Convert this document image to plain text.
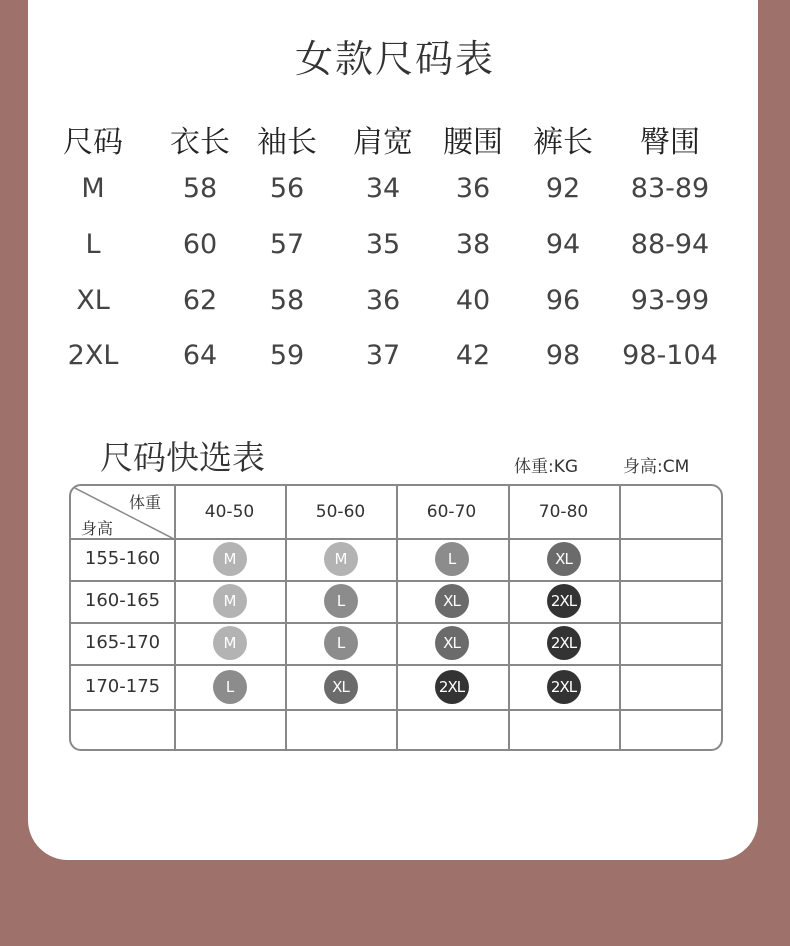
女款尺码表
尺码	衣长 袖长	肩宽	腰围	裤长	臀围
M	58	56	34	36	92	83-89
L	60	57	35	38	94	88-94
XL	62	58	36	40	96	93-99
2XL	64	59	37	42	98	98-104
尺码快选表	体重:KG	身高:CM
体重
身高
40-50	50-60	60-70	70-80
155-160	M	M	L	XL
160-165	M	L	XL	2XL
165-170	M	L	XL	2XL
170-175	L	XL	2XL	2XL
